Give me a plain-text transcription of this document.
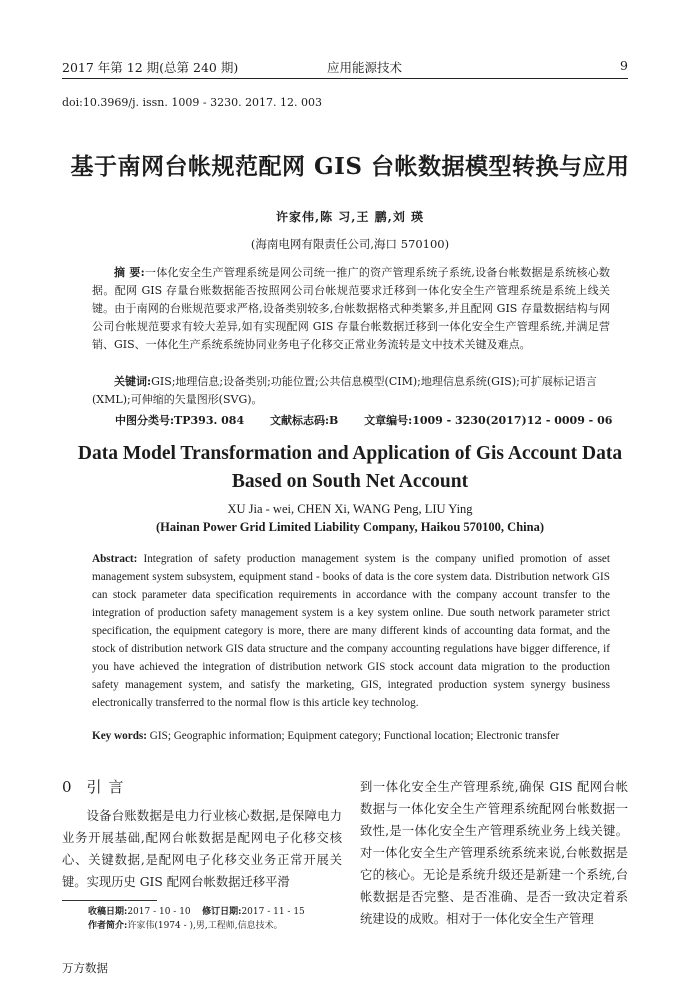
2017 年第 12 期(总第 240 期)	应用能源技术	9
doi:10.3969/j. issn. 1009 - 3230. 2017. 12. 003
基于南网台帐规范配网 GIS 台帐数据模型转换与应用
许家伟,陈 习,王 鹏,刘 瑛
(海南电网有限责任公司,海口 570100)
摘 要:一体化安全生产管理系统是网公司统一推广的资产管理系统子系统,设备台帐数据是系统核心数据。配网 GIS 存量台账数据能否按照网公司台帐规范要求迁移到一体化安全生产管理系统是系统上线关键。由于南网的台账规范要求严格,设备类别较多,台帐数据格式种类繁多,并且配网 GIS 存量数据结构与网公司台帐规范要求有较大差异,如有实现配网 GIS 存量台帐数据迁移到一体化安全生产管理系统,并满足营销、GIS、一体化生产系统系统协同业务电子化移交正常业务流转是文中技术关键及难点。
关键词:GIS;地理信息;设备类别;功能位置;公共信息模型(CIM);地理信息系统(GIS);可扩展标记语言(XML);可伸缩的矢量图形(SVG)。
中图分类号:TP393. 084 文献标志码:B 文章编号:1009 - 3230(2017)12 - 0009 - 06
Data Model Transformation and Application of Gis Account Data Based on South Net Account
XU Jia - wei, CHEN Xi, WANG Peng, LIU Ying
(Hainan Power Grid Limited Liability Company, Haikou 570100, China)
Abstract: Integration of safety production management system is the company unified promotion of asset management system subsystem, equipment stand - books of data is the core system data. Distribution network GIS can stock parameter data specification requirements in accordance with the company account transfer to the integration of production safety management system is a key system online. Due south network parameter strict specification, the equipment category is more, there are many different kinds of accounting data format, and the stock of distribution network GIS data structure and the company accounting regulations have bigger difference, if you have achieved the integration of distribution network GIS stock account data migration to the production safety management system, and satisfy the marketing, GIS, integrated production system synergy business electronically transferred to the normal flow is this article key technolog.
Key words: GIS; Geographic information; Equipment category; Functional location; Electronic transfer
0 引 言
设备台账数据是电力行业核心数据,是保障电力业务开展基础,配网台帐数据是配网电子化移交核心、关键数据,是配网电子化移交业务正常开展关键。实现历史 GIS 配网台帐数据迁移平滑
到一体化安全生产管理系统,确保 GIS 配网台帐数据与一体化安全生产管理系统配网台帐数据一致性,是一体化安全生产管理系统业务上线关键。对一体化安全生产管理系统系统来说,台帐数据是它的核心。无论是系统升级还是新建一个系统,台帐数据是否完整、是否准确、是否一致决定着系统建设的成败。相对于一体化安全生产管理
收稿日期:2017 - 10 - 10 修订日期:2017 - 11 - 15
作者简介:许家伟(1974 - ),男,工程师,信息技术。
万方数据
